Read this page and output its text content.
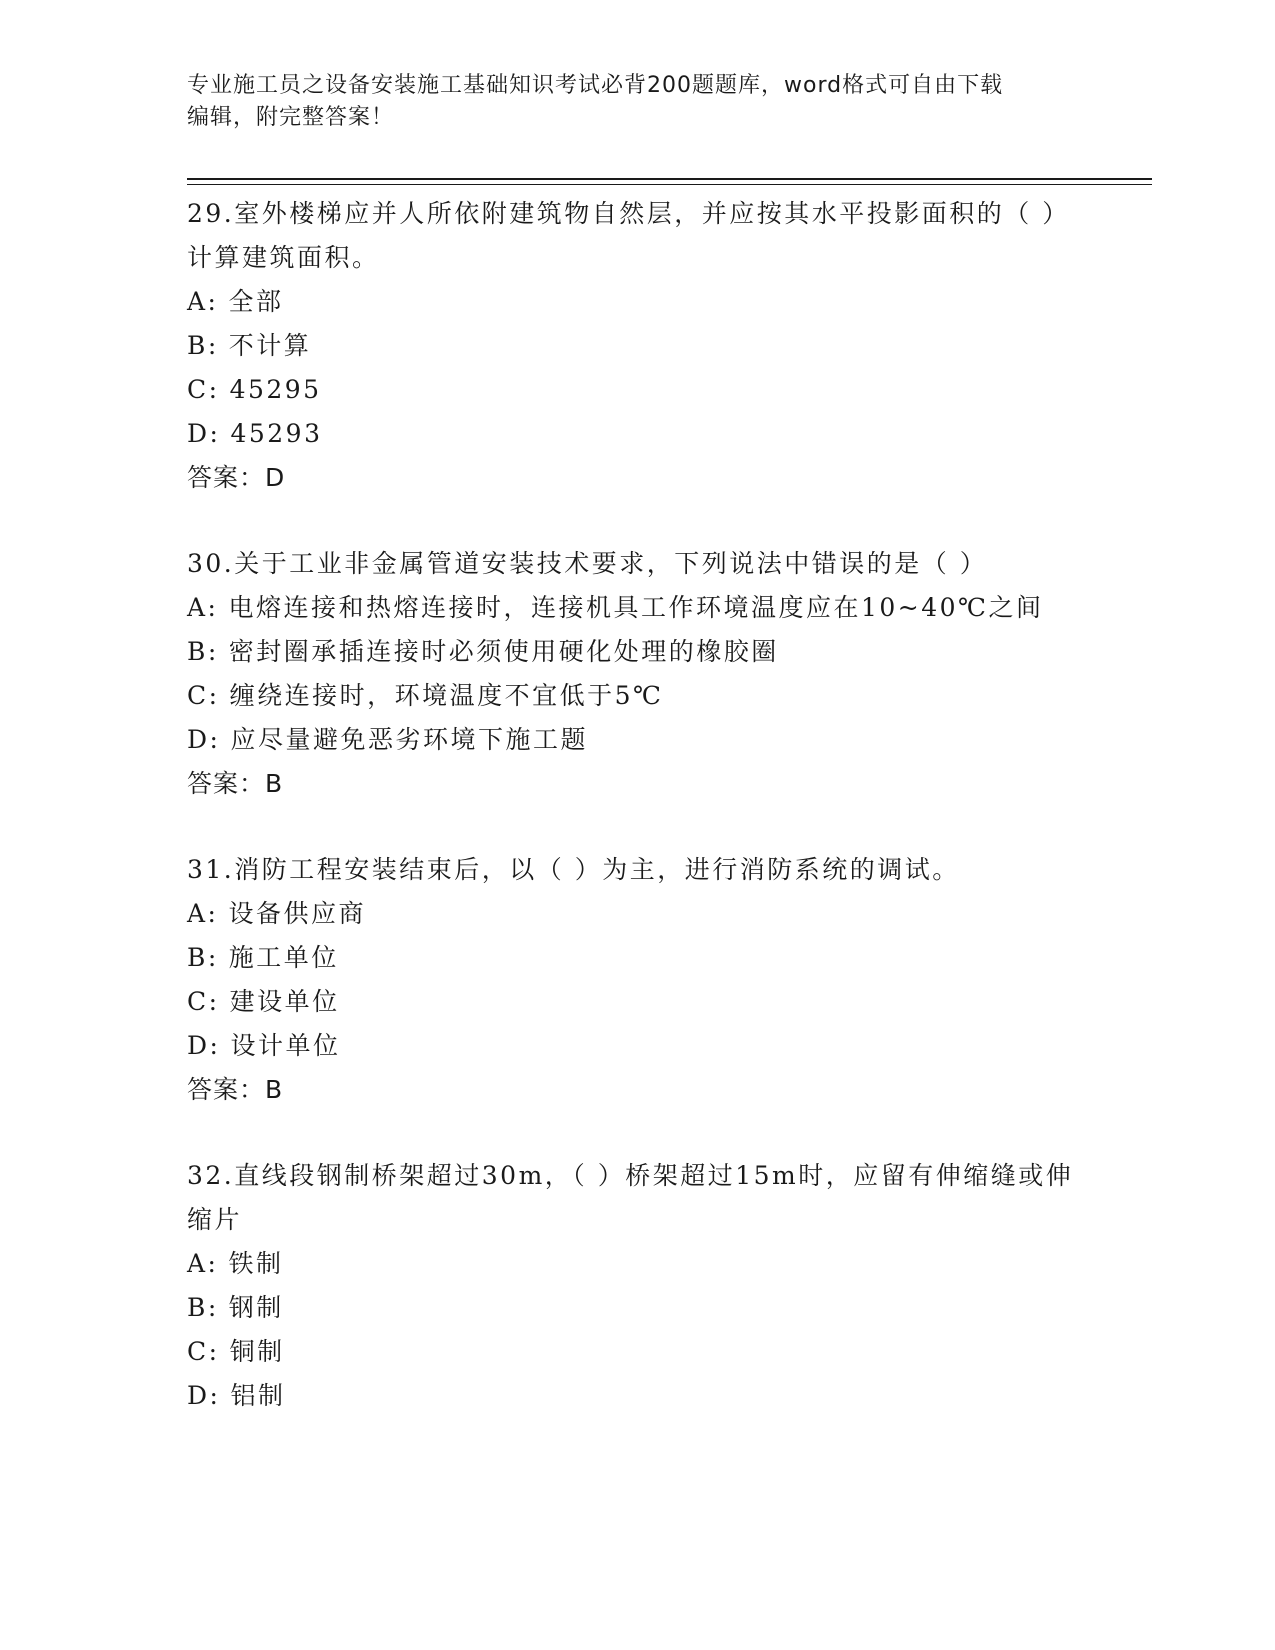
专业施工员之设备安装施工基础知识考试必背200题题库，word格式可自由下载
编辑，附完整答案！

29.室外楼梯应并人所依附建筑物自然层，并应按其水平投影面积的（ ）计算建筑面积。

A: 全部

B: 不计算

C: 45295

D: 45293

答案：D

30.关于工业非金属管道安装技术要求，下列说法中错误的是（ ）

A: 电熔连接和热熔连接时，连接机具工作环境温度应在10~40℃之间

B: 密封圈承插连接时必须使用硬化处理的橡胶圈

C: 缠绕连接时，环境温度不宜低于5℃

D: 应尽量避免恶劣环境下施工题

答案：B

31.消防工程安装结束后，以（ ）为主，进行消防系统的调试。

A: 设备供应商

B: 施工单位

C: 建设单位

D: 设计单位

答案：B

32.直线段钢制桥架超过30m，（ ）桥架超过15m时，应留有伸缩缝或伸缩片

A: 铁制

B: 钢制

C: 铜制

D: 铝制
